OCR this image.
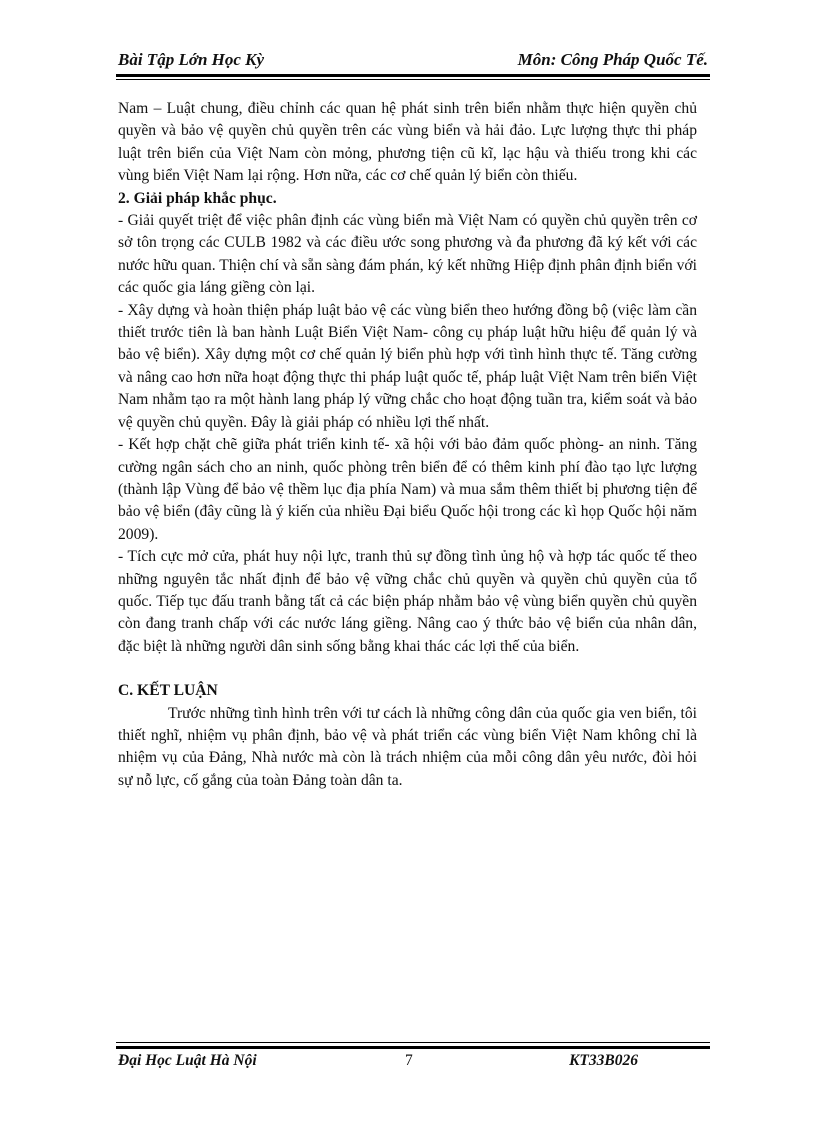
Bài Tập Lớn Học Kỳ	Môn: Công Pháp Quốc Tế.

Nam – Luật chung, điều chỉnh các quan hệ phát sinh trên biển nhằm thực hiện quyền chủ quyền và bảo vệ quyền chủ quyền trên các vùng biển và hải đảo. Lực lượng thực thi pháp luật trên biển của Việt Nam còn mỏng, phương tiện cũ kĩ, lạc hậu và thiếu trong khi các vùng biển Việt Nam lại rộng. Hơn nữa, các cơ chế quản lý biển còn thiếu.

2. Giải pháp khắc phục.

- Giải quyết triệt để việc phân định các vùng biển mà Việt Nam có quyền chủ quyền trên cơ sở tôn trọng các CULB 1982 và các điều ước song phương và đa phương đã ký kết với các nước hữu quan. Thiện chí và sẵn sàng đám phán, ký kết những Hiệp định phân định biển với các quốc gia láng giềng còn lại.

- Xây dựng và hoàn thiện pháp luật bảo vệ các vùng biển theo hướng đồng bộ (việc làm cần thiết trước tiên là ban hành Luật Biển Việt Nam- công cụ pháp luật hữu hiệu để quản lý và bảo vệ biển). Xây dựng một cơ chế quản lý biển phù hợp với tình hình thực tế. Tăng cường và nâng cao hơn nữa hoạt động thực thi pháp luật quốc tế, pháp luật Việt Nam trên biển Việt Nam nhằm tạo ra một hành lang pháp lý vững chắc cho hoạt động tuần tra, kiểm soát và bảo vệ quyền chủ quyền. Đây là giải pháp có nhiều lợi thế nhất.

- Kết hợp chặt chẽ giữa phát triển kinh tế- xã hội với bảo đảm quốc phòng- an ninh. Tăng cường ngân sách cho an ninh, quốc phòng trên biển để có thêm kinh phí đào tạo lực lượng (thành lập Vùng để bảo vệ thềm lục địa phía Nam) và mua sắm thêm thiết bị phương tiện để bảo vệ biển (đây cũng là ý kiến của nhiều Đại biểu Quốc hội trong các kì họp Quốc hội năm 2009).

- Tích cực mở cửa, phát huy nội lực, tranh thủ sự đồng tình ủng hộ và hợp tác quốc tế theo những nguyên tắc nhất định để bảo vệ vững chắc chủ quyền và quyền chủ quyền của tổ quốc. Tiếp tục đấu tranh bằng tất cả các biện pháp nhằm bảo vệ vùng biển quyền chủ quyền còn đang tranh chấp với các nước láng giềng. Nâng cao ý thức bảo vệ biển của nhân dân, đặc biệt là những người dân sinh sống bằng khai thác các lợi thế của biển.

C. KẾT LUẬN

Trước những tình hình trên với tư cách là những công dân của quốc gia ven biển, tôi thiết nghĩ, nhiệm vụ phân định, bảo vệ và phát triển các vùng biển Việt Nam không chỉ là nhiệm vụ của Đảng, Nhà nước mà còn là trách nhiệm của mỗi công dân yêu nước, đòi hỏi sự nỗ lực, cố gắng của toàn Đảng toàn dân ta.

Đại Học Luật Hà Nội	7	KT33B026
